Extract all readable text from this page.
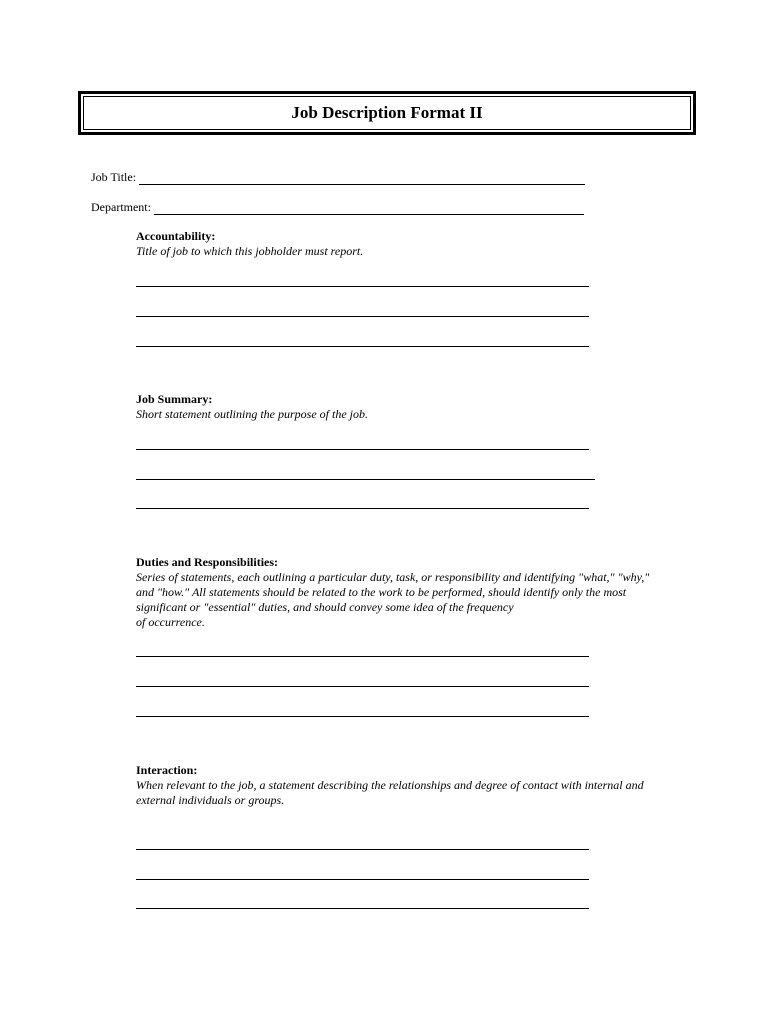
Job Description Format II
Job Title:
Department:
Accountability:
Title of job to which this jobholder must report.
Job Summary:
Short statement outlining the purpose of the job.
Duties and Responsibilities:
Series of statements, each outlining a particular duty, task, or responsibility and identifying "what," "why,"
and "how." All statements should be related to the work to be performed, should identify only the most
significant or "essential" duties, and should convey some idea of the frequency
of occurrence.
Interaction:
When relevant to the job, a statement describing the relationships and degree of contact with internal and
external individuals or groups.
